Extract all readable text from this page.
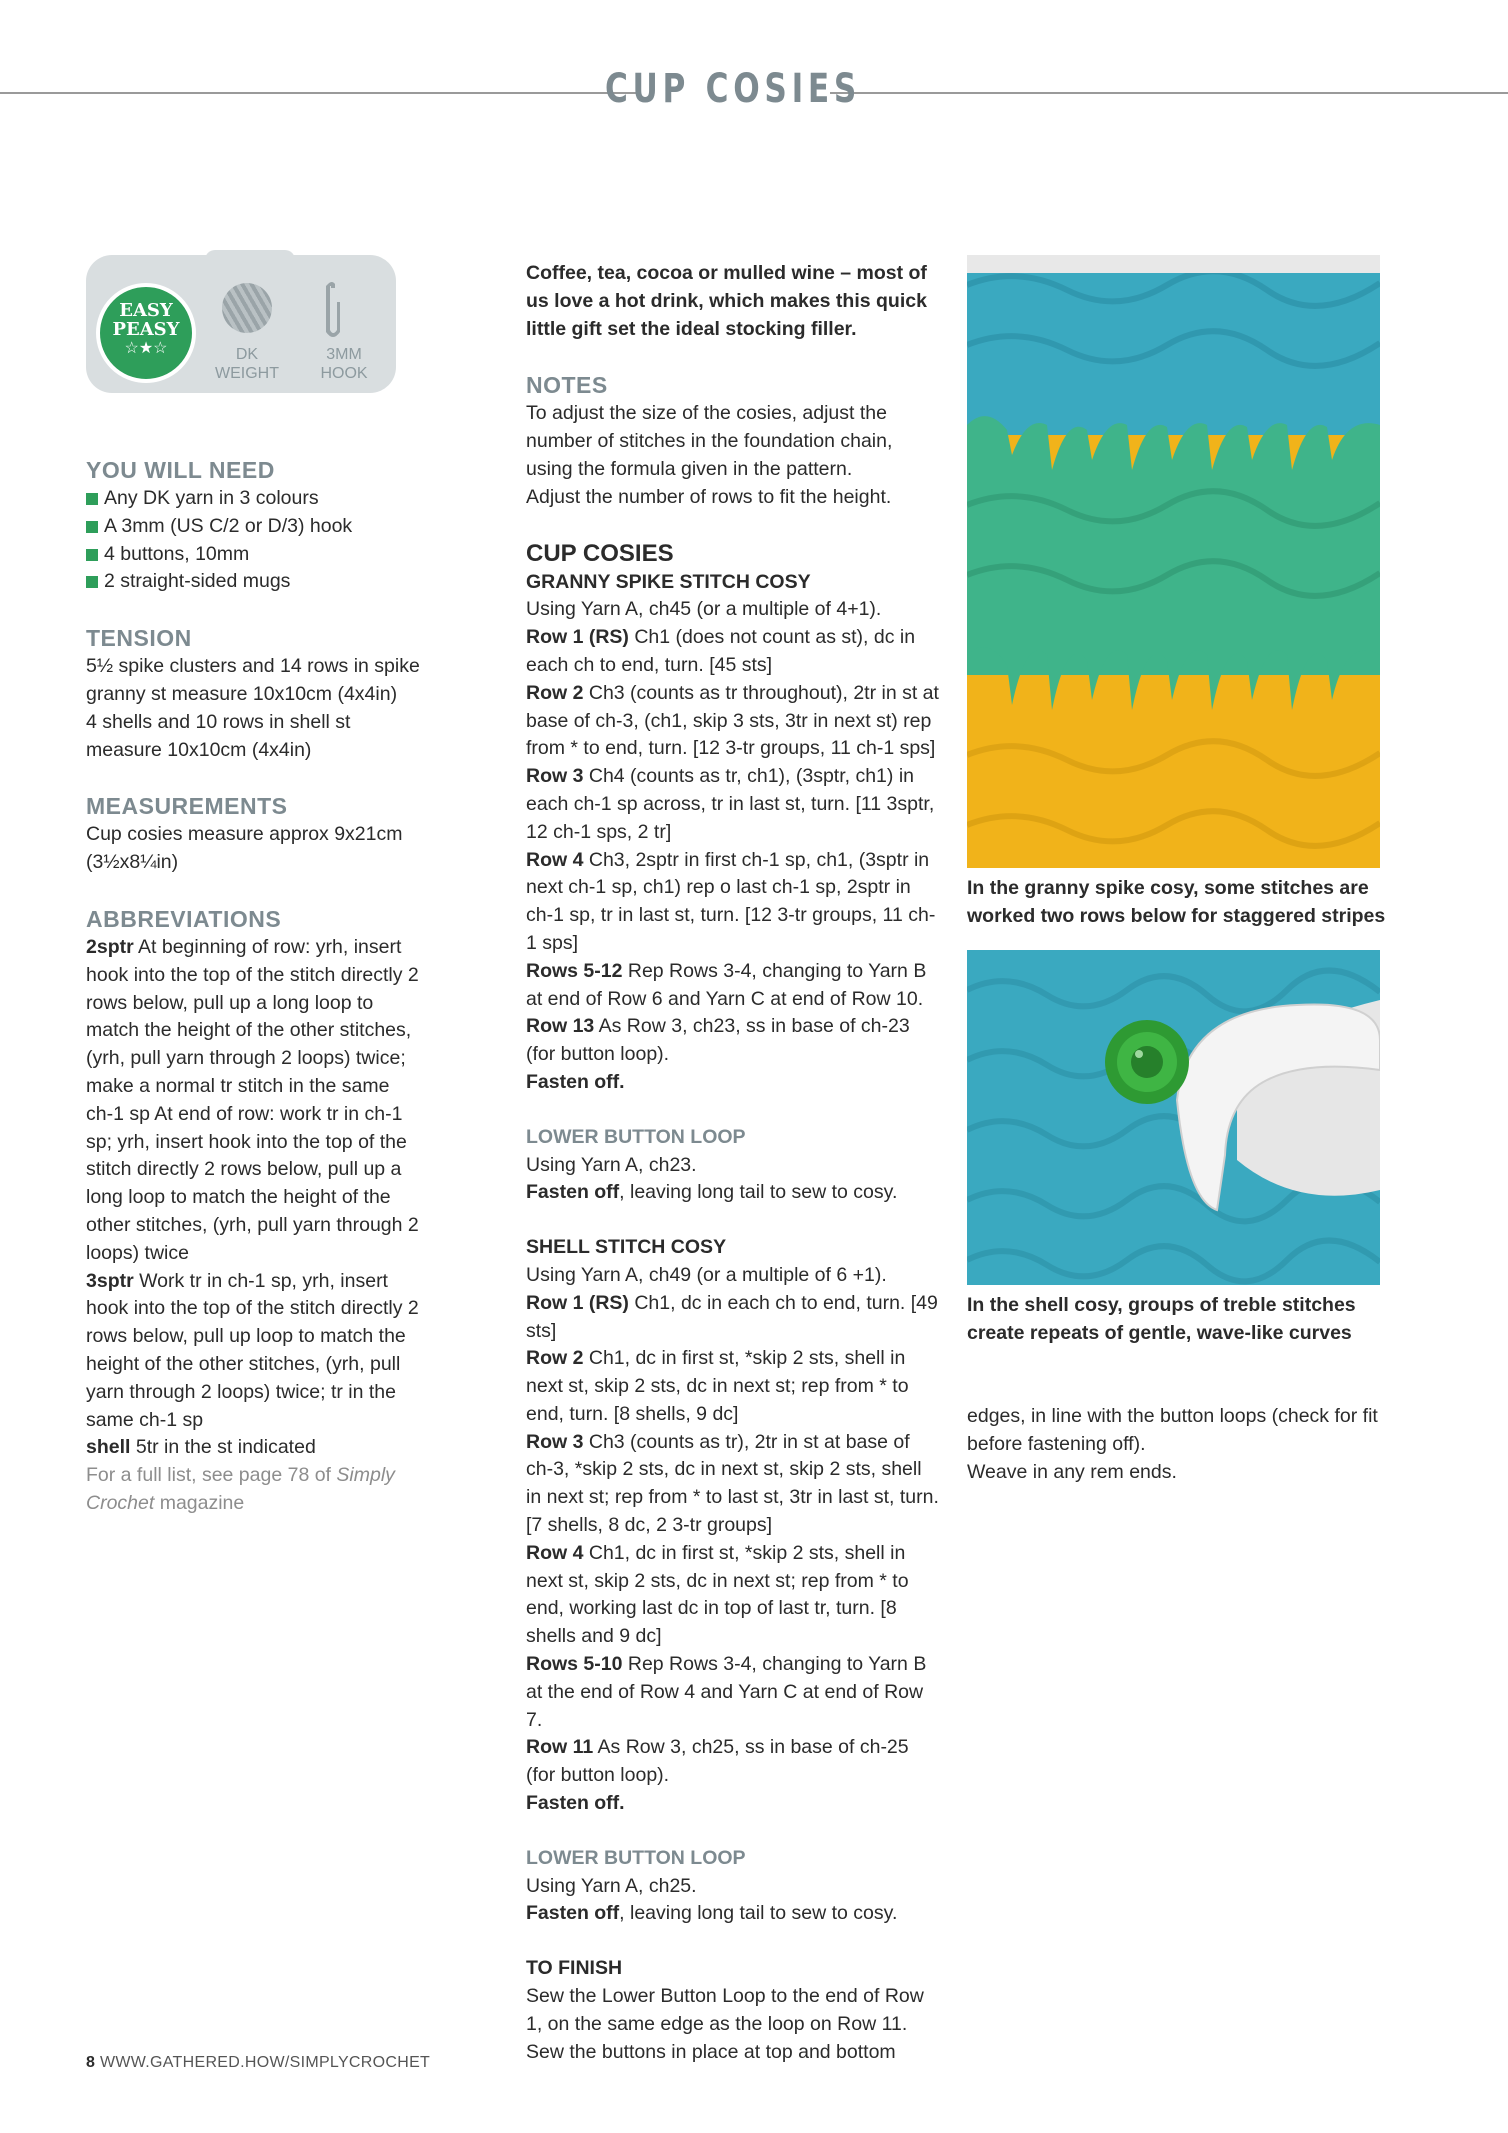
CUP COSIES
EASY
PEASY
☆★☆	DK
WEIGHT
3MM
HOOK
YOU WILL NEED
Any DK yarn in 3 colours
A 3mm (US C/2 or D/3) hook
4 buttons, 10mm
2 straight-sided mugs
TENSION

5½ spike clusters and 14 rows in spike granny st measure 10x10cm (4x4in)

4 shells and 10 rows in shell st measure 10x10cm (4x4in)

MEASUREMENTS

Cup cosies measure approx 9x21cm (3½x8¼in)

ABBREVIATIONS

2sptr At beginning of row: yrh, insert hook into the top of the stitch directly 2 rows below, pull up a long loop to match the height of the other stitches, (yrh, pull yarn through 2 loops) twice; make a normal tr stitch in the same ch-1 sp At end of row: work tr in ch-1 sp; yrh, insert hook into the top of the stitch directly 2 rows below, pull up a long loop to match the height of the other stitches, (yrh, pull yarn through 2 loops) twice

3sptr Work tr in ch-1 sp, yrh, insert hook into the top of the stitch directly 2 rows below, pull up loop to match the height of the other stitches, (yrh, pull yarn through 2 loops) twice; tr in the same ch-1 sp

shell 5tr in the st indicated

For a full list, see page 78 of Simply Crochet magazine

Coffee, tea, cocoa or mulled wine – most of us love a hot drink, which makes this quick little gift set the ideal stocking filler.

NOTES

To adjust the size of the cosies, adjust the number of stitches in the foundation chain, using the formula given in the pattern.

Adjust the number of rows to fit the height.

CUP COSIES
GRANNY SPIKE STITCH COSY

Using Yarn A, ch45 (or a multiple of 4+1).

Row 1 (RS) Ch1 (does not count as st), dc in each ch to end, turn. [45 sts]

Row 2 Ch3 (counts as tr throughout), 2tr in st at base of ch-3, (ch1, skip 3 sts, 3tr in next st) rep from * to end, turn. [12 3-tr groups, 11 ch-1 sps]

Row 3 Ch4 (counts as tr, ch1), (3sptr, ch1) in each ch-1 sp across, tr in last st, turn. [11 3sptr, 12 ch-1 sps, 2 tr]

Row 4 Ch3, 2sptr in first ch-1 sp, ch1, (3sptr in next ch-1 sp, ch1) rep o last ch-1 sp, 2sptr in ch-1 sp, tr in last st, turn. [12 3-tr groups, 11 ch-1 sps]

Rows 5-12 Rep Rows 3-4, changing to Yarn B at end of Row 6 and Yarn C at end of Row 10.

Row 13 As Row 3, ch23, ss in base of ch-23 (for button loop).

Fasten off.

LOWER BUTTON LOOP

Using Yarn A, ch23.

Fasten off, leaving long tail to sew to cosy.

SHELL STITCH COSY

Using Yarn A, ch49 (or a multiple of 6 +1).

Row 1 (RS) Ch1, dc in each ch to end, turn. [49 sts]

Row 2 Ch1, dc in first st, *skip 2 sts, shell in next st, skip 2 sts, dc in next st; rep from * to end, turn. [8 shells, 9 dc]

Row 3 Ch3 (counts as tr), 2tr in st at base of ch-3, *skip 2 sts, dc in next st, skip 2 sts, shell in next st; rep from * to last st, 3tr in last st, turn. [7 shells, 8 dc, 2 3-tr groups]

Row 4 Ch1, dc in first st, *skip 2 sts, shell in next st, skip 2 sts, dc in next st; rep from * to end, working last dc in top of last tr, turn. [8 shells and 9 dc]

Rows 5-10 Rep Rows 3-4, changing to Yarn B at the end of Row 4 and Yarn C at end of Row 7.

Row 11 As Row 3, ch25, ss in base of ch-25 (for button loop).

Fasten off.

LOWER BUTTON LOOP

Using Yarn A, ch25.

Fasten off, leaving long tail to sew to cosy.

TO FINISH

Sew the Lower Button Loop to the end of Row 1, on the same edge as the loop on Row 11. Sew the buttons in place at top and bottom

In the granny spike cosy, some stitches are worked two rows below for staggered stripes
In the shell cosy, groups of treble stitches create repeats of gentle, wave-like curves

edges, in line with the button loops (check for fit before fastening off).

Weave in any rem ends.

8 WWW.GATHERED.HOW/SIMPLYCROCHET
